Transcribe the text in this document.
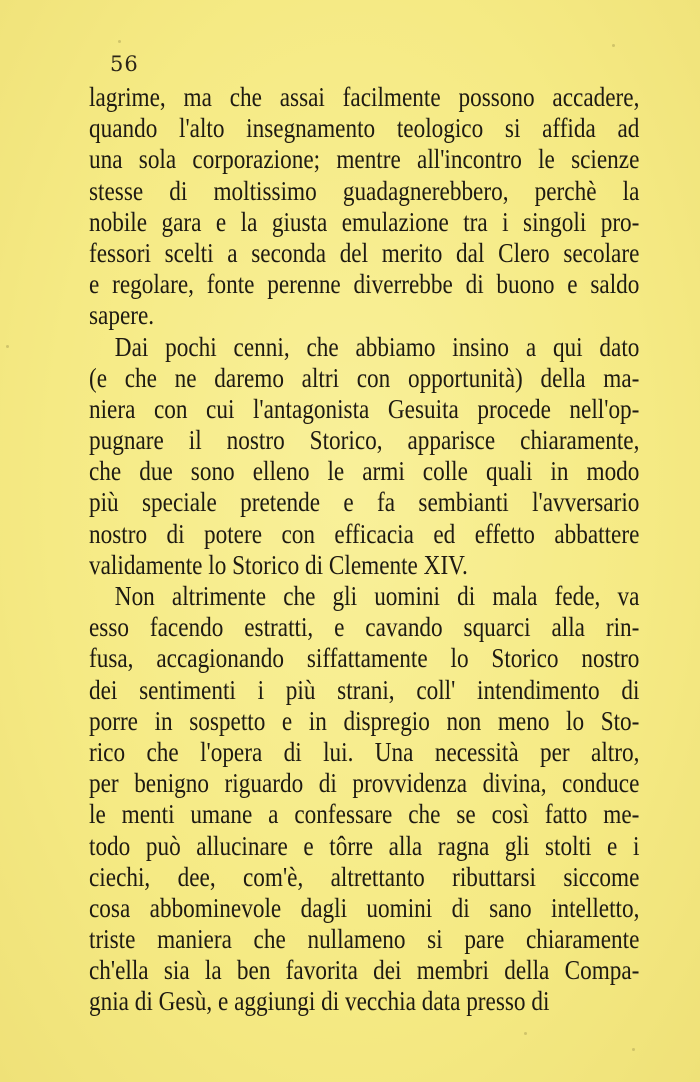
56
lagrime, ma che assai facilmente possono accadere,
quando l'alto insegnamento teologico si affida ad
una sola corporazione; mentre all'incontro le scienze
stesse di moltissimo guadagnerebbero, perchè la
nobile gara e la giusta emulazione tra i singoli pro-
fessori scelti a seconda del merito dal Clero secolare
e regolare, fonte perenne diverrebbe di buono e saldo
sapere.
Dai pochi cenni, che abbiamo insino a qui dato
(e che ne daremo altri con opportunità) della ma-
niera con cui l'antagonista Gesuita procede nell'op-
pugnare il nostro Storico, apparisce chiaramente,
che due sono elleno le armi colle quali in modo
più speciale pretende e fa sembianti l'avversario
nostro di potere con efficacia ed effetto abbattere
validamente lo Storico di Clemente XIV.
Non altrimente che gli uomini di mala fede, va
esso facendo estratti, e cavando squarci alla rin-
fusa, accagionando siffattamente lo Storico nostro
dei sentimenti i più strani, coll' intendimento di
porre in sospetto e in dispregio non meno lo Sto-
rico che l'opera di lui. Una necessità per altro,
per benigno riguardo di provvidenza divina, conduce
le menti umane a confessare che se così fatto me-
todo può allucinare e tôrre alla ragna gli stolti e i
ciechi, dee, com'è, altrettanto ributtarsi siccome
cosa abbominevole dagli uomini di sano intelletto,
triste maniera che nullameno si pare chiaramente
ch'ella sia la ben favorita dei membri della Compa-
gnia di Gesù, e aggiungi di vecchia data presso di
